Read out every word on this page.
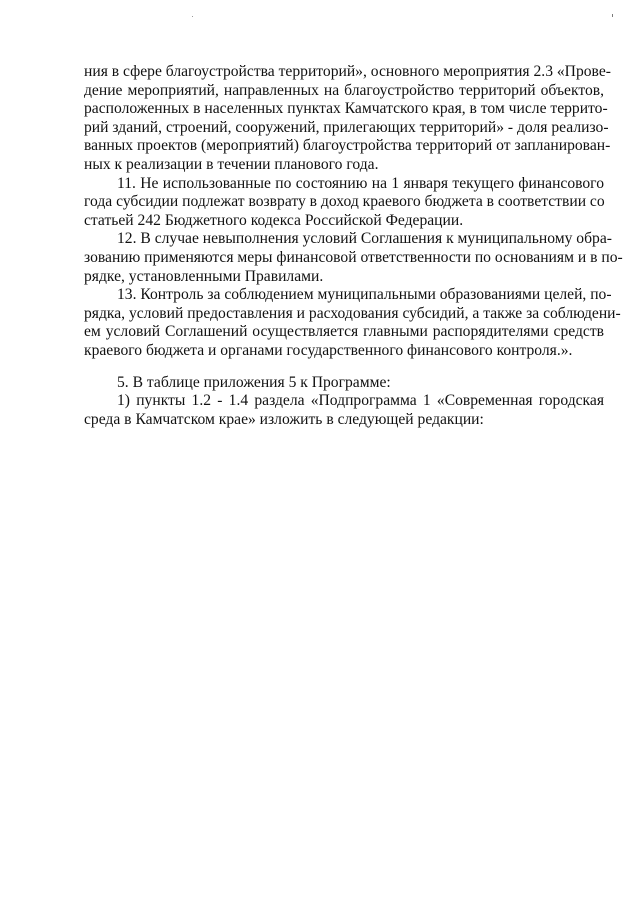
ния в сфере благоустройства территорий», основного мероприятия 2.3 «Прове-
дение мероприятий, направленных на благоустройство территорий объектов,
расположенных в населенных пунктах Камчатского края, в том числе террито-
рий зданий, строений, сооружений, прилегающих территорий» - доля реализо-
ванных проектов (мероприятий) благоустройства территорий от запланирован-
ных к реализации в течении планового года.

11. Не использованные по состоянию на 1 января текущего финансового
года субсидии подлежат возврату в доход краевого бюджета в соответствии со
статьей 242 Бюджетного кодекса Российской Федерации.

12. В случае невыполнения условий Соглашения к муниципальному обра-
зованию применяются меры финансовой ответственности по основаниям и в по-
рядке, установленными Правилами.

13. Контроль за соблюдением муниципальными образованиями целей, по-
рядка, условий предоставления и расходования субсидий, а также за соблюдени-
ем условий Соглашений осуществляется главными распорядителями средств
краевого бюджета и органами государственного финансового контроля.».

5. В таблице приложения 5 к Программе:

1) пункты 1.2 - 1.4 раздела «Подпрограмма 1 «Современная городская
среда в Камчатском крае» изложить в следующей редакции:
